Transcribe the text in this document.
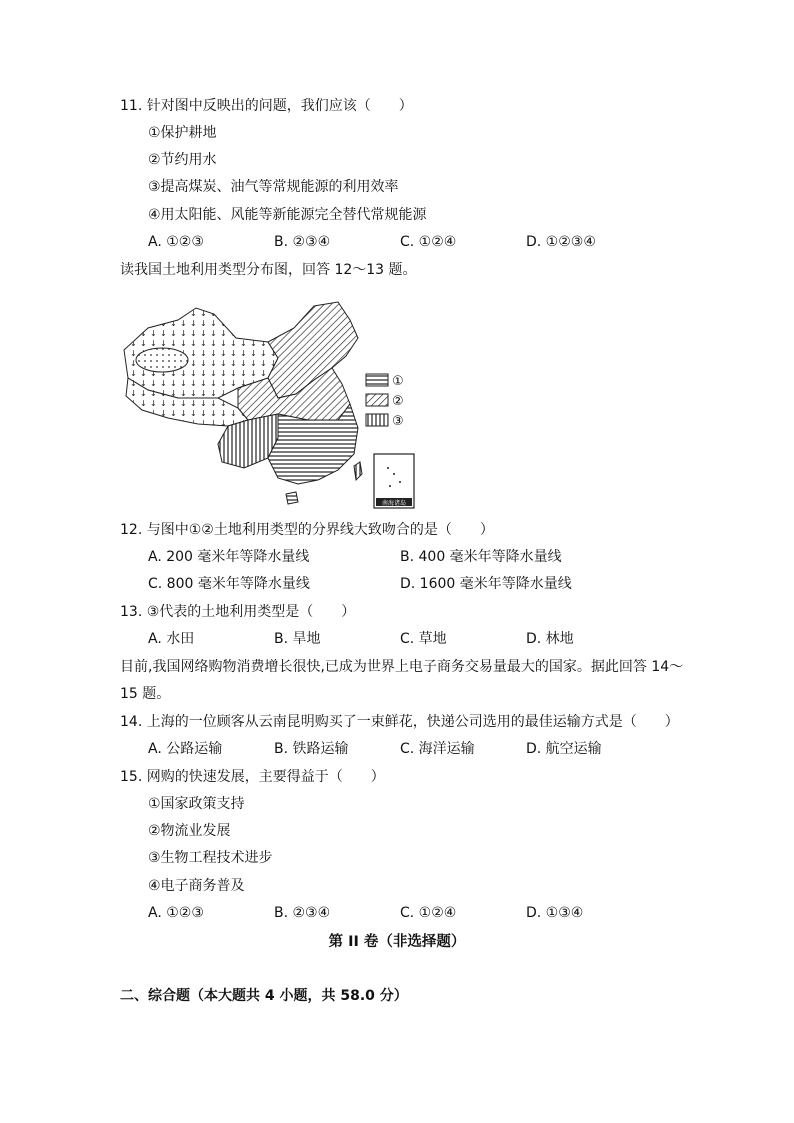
11. 针对图中反映出的问题，我们应该（　　）
①保护耕地
②节约用水
③提高煤炭、油气等常规能源的利用效率
④用太阳能、风能等新能源完全替代常规能源
A. ①②③	B. ②③④	C. ①②④	D. ①②③④
读我国土地利用类型分布图，回答 12～13 题。
①
②
③
南海诸岛
12. 与图中①②土地利用类型的分界线大致吻合的是（　　）
A. 200 毫米年等降水量线	B. 400 毫米年等降水量线
C. 800 毫米年等降水量线	D. 1600 毫米年等降水量线
13. ③代表的土地利用类型是（　　）
A. 水田	B. 旱地	C. 草地	D. 林地
目前,我国网络购物消费增长很快,已成为世界上电子商务交易量最大的国家。据此回答 14～
15 题。
14. 上海的一位顾客从云南昆明购买了一束鲜花，快递公司选用的最佳运输方式是（　　）
A. 公路运输	B. 铁路运输	C. 海洋运输	D. 航空运输
15. 网购的快速发展，主要得益于（　　）
①国家政策支持
②物流业发展
③生物工程技术进步
④电子商务普及
A. ①②③	B. ②③④	C. ①②④	D. ①③④
第 II 卷（非选择题）
二、综合题（本大题共 4 小题，共 58.0 分）
